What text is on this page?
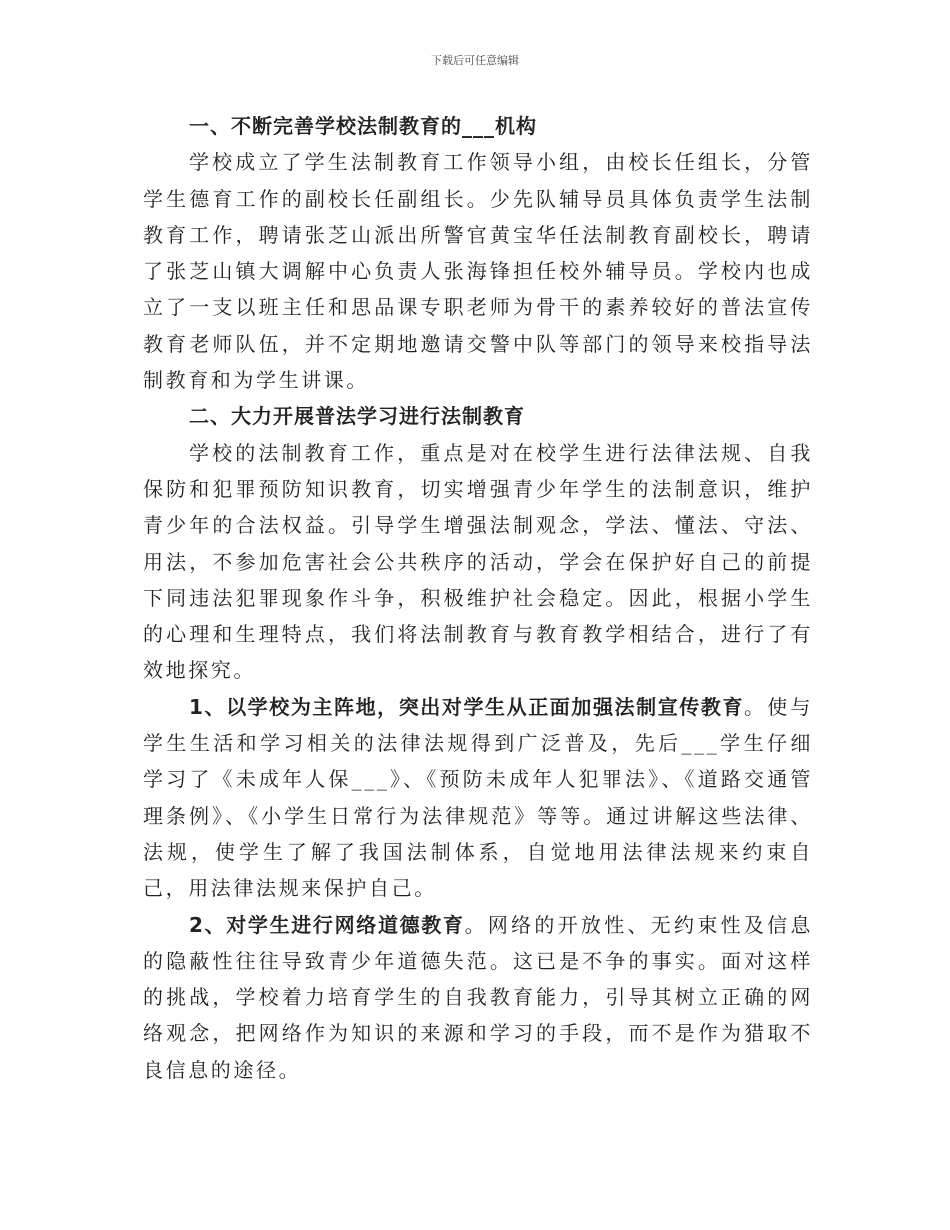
下载后可任意编辑

一、不断完善学校法制教育的___机构

学校成立了学生法制教育工作领导小组，由校长任组长，分管学生德育工作的副校长任副组长。少先队辅导员具体负责学生法制教育工作，聘请张芝山派出所警官黄宝华任法制教育副校长，聘请了张芝山镇大调解中心负责人张海锋担任校外辅导员。学校内也成立了一支以班主任和思品课专职老师为骨干的素养较好的普法宣传教育老师队伍，并不定期地邀请交警中队等部门的领导来校指导法制教育和为学生讲课。

二、大力开展普法学习进行法制教育

学校的法制教育工作，重点是对在校学生进行法律法规、自我保防和犯罪预防知识教育，切实增强青少年学生的法制意识，维护青少年的合法权益。引导学生增强法制观念，学法、懂法、守法、用法，不参加危害社会公共秩序的活动，学会在保护好自己的前提下同违法犯罪现象作斗争，积极维护社会稳定。因此，根据小学生的心理和生理特点，我们将法制教育与教育教学相结合，进行了有效地探究。

1、以学校为主阵地，突出对学生从正面加强法制宣传教育。使与学生生活和学习相关的法律法规得到广泛普及，先后___学生仔细学习了《未成年人保___》、《预防未成年人犯罪法》、《道路交通管理条例》、《小学生日常行为法律规范》等等。通过讲解这些法律、法规，使学生了解了我国法制体系，自觉地用法律法规来约束自己，用法律法规来保护自己。

2、对学生进行网络道德教育。网络的开放性、无约束性及信息的隐蔽性往往导致青少年道德失范。这已是不争的事实。面对这样的挑战，学校着力培育学生的自我教育能力，引导其树立正确的网络观念，把网络作为知识的来源和学习的手段，而不是作为猎取不良信息的途径。
